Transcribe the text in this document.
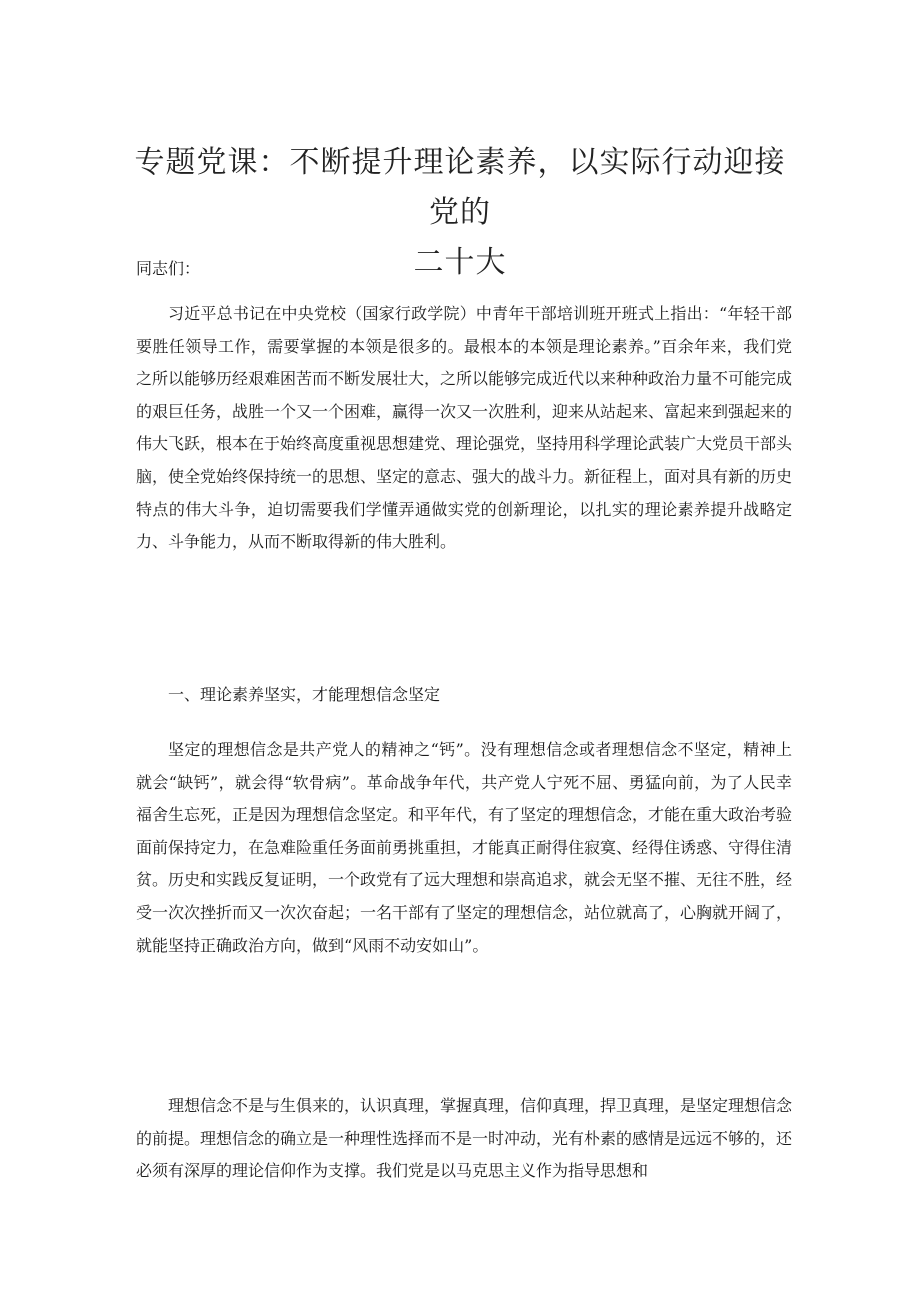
专题党课：不断提升理论素养，以实际行动迎接党的
二十大
同志们：

习近平总书记在中央党校（国家行政学院）中青年干部培训班开班式上指出：“年轻干部要胜任领导工作，需要掌握的本领是很多的。最根本的本领是理论素养。”百余年来，我们党之所以能够历经艰难困苦而不断发展壮大，之所以能够完成近代以来种种政治力量不可能完成的艰巨任务，战胜一个又一个困难，赢得一次又一次胜利，迎来从站起来、富起来到强起来的伟大飞跃，根本在于始终高度重视思想建党、理论强党，坚持用科学理论武装广大党员干部头脑，使全党始终保持统一的思想、坚定的意志、强大的战斗力。新征程上，面对具有新的历史特点的伟大斗争，迫切需要我们学懂弄通做实党的创新理论，以扎实的理论素养提升战略定力、斗争能力，从而不断取得新的伟大胜利。

一、理论素养坚实，才能理想信念坚定

坚定的理想信念是共产党人的精神之“钙”。没有理想信念或者理想信念不坚定，精神上就会“缺钙”，就会得“软骨病”。革命战争年代，共产党人宁死不屈、勇猛向前，为了人民幸福舍生忘死，正是因为理想信念坚定。和平年代，有了坚定的理想信念，才能在重大政治考验面前保持定力，在急难险重任务面前勇挑重担，才能真正耐得住寂寞、经得住诱惑、守得住清贫。历史和实践反复证明，一个政党有了远大理想和崇高追求，就会无坚不摧、无往不胜，经受一次次挫折而又一次次奋起；一名干部有了坚定的理想信念，站位就高了，心胸就开阔了，就能坚持正确政治方向，做到“风雨不动安如山”。

理想信念不是与生俱来的，认识真理，掌握真理，信仰真理，捍卫真理，是坚定理想信念的前提。理想信念的确立是一种理性选择而不是一时冲动，光有朴素的感情是远远不够的，还必须有深厚的理论信仰作为支撑。我们党是以马克思主义作为指导思想和
